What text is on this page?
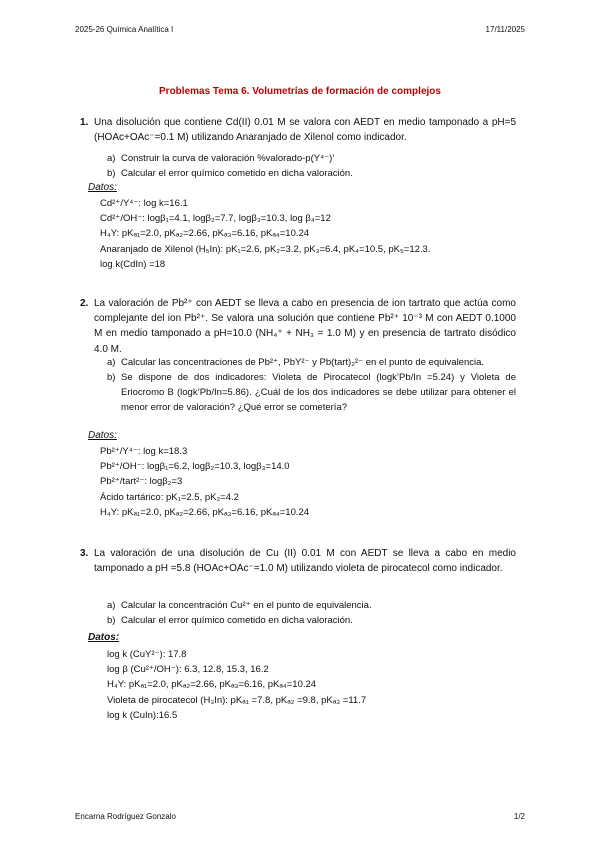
2025-26 Química Analítica I	17/11/2025
Problemas Tema 6. Volumetrías de formación de complejos
1. Una disolución que contiene Cd(II) 0.01 M se valora con AEDT en medio tamponado a pH=5 (HOAc+OAc⁻=0.1 M) utilizando Anaranjado de Xilenol como indicador.
a) Construir la curva de valoración %valorado-p(Y⁴⁻)’
b) Calcular el error químico cometido en dicha valoración.
Datos:
Cd²⁺/Y⁴⁻: log k=16.1
Cd²⁺/OH⁻: logβ₁=4.1, logβ₂=7.7, logβ₃=10.3, log β₄=12
H₄Y: pKₐ₁=2.0, pKₐ₂=2.66, pKₐ₃=6.16, pKₐ₄=10.24
Anaranjado de Xilenol (H₅In): pK₁=2.6, pK₂=3.2, pK₃=6.4, pK₄=10.5, pK₅=12.3.
log k(CdIn) =18
2. La valoración de Pb²⁺ con AEDT se lleva a cabo en presencia de ion tartrato que actúa como complejante del ion Pb²⁺. Se valora una solución que contiene Pb²⁺ 10⁻³ M con AEDT 0.1000 M en medio tamponado a pH=10.0 (NH₄⁺ + NH₃ = 1.0 M) y en presencia de tartrato disódico 4.0 M.
a) Calcular las concentraciones de Pb²⁺, PbY²⁻ y Pb(tart)₂²⁻ en el punto de equivalencia.
b) Se dispone de dos indicadores: Violeta de Pirocatecol (logk’Pb/In =5.24) y Violeta de Eriocromo B (logk’Pb/In=5.86). ¿Cuál de los dos indicadores se debe utilizar para obtener el menor error de valoración? ¿Qué error se cometería?
Datos:
Pb²⁺/Y⁴⁻: log k=18.3
Pb²⁺/OH⁻: logβ₁=6.2, logβ₂=10.3, logβ₃=14.0
Pb²⁺/tart²⁻: logβ₂=3
Ácido tartárico: pK₁=2.5, pK₂=4.2
H₄Y: pKₐ₁=2.0, pKₐ₂=2.66, pKₐ₃=6.16, pKₐ₄=10.24
3. La valoración de una disolución de Cu (II) 0.01 M con AEDT se lleva a cabo en medio tamponado a pH =5.8 (HOAc+OAc⁻=1.0 M) utilizando violeta de pirocatecol como indicador.
a) Calcular la concentración Cu²⁺ en el punto de equivalencia.
b) Calcular el error químico cometido en dicha valoración.
Datos:
log k (CuY²⁻): 17.8
log β (Cu²⁺/OH⁻): 6.3, 12.8, 15.3, 16.2
H₄Y: pKₐ₁=2.0, pKₐ₂=2.66, pKₐ₃=6.16, pKₐ₄=10.24
Violeta de pirocatecol (H₃In): pKₐ₁ =7.8, pKₐ₂ =9.8, pKₐ₃ =11.7
log k (CuIn):16.5
Encarna Rodríguez Gonzalo	1/2
